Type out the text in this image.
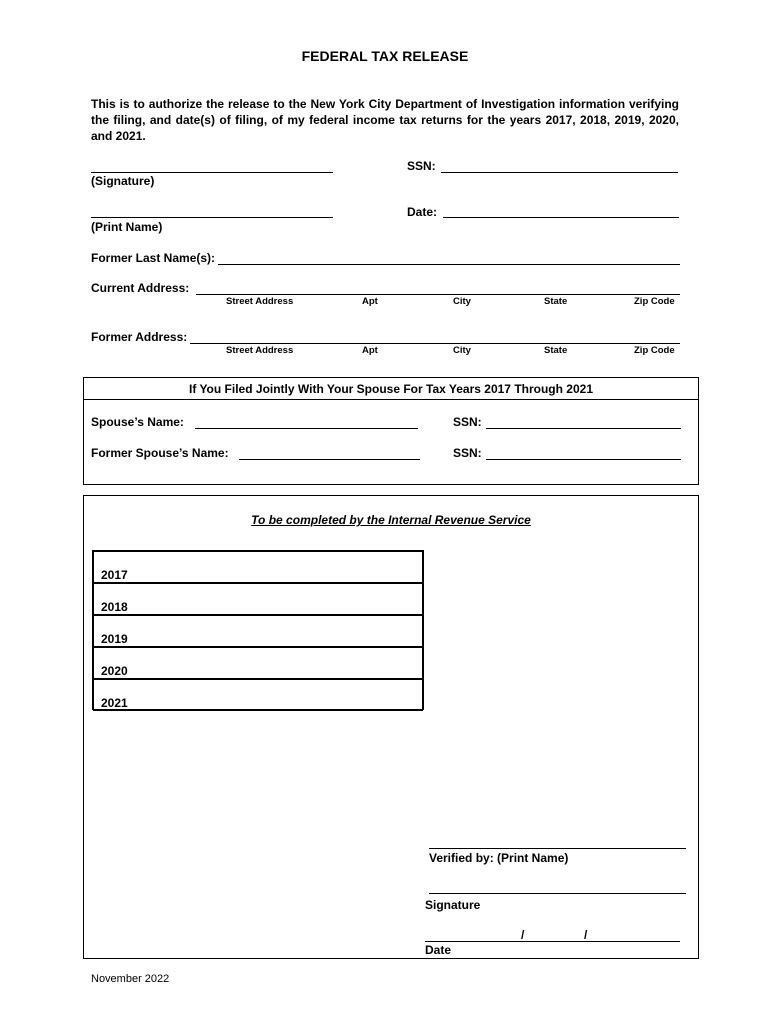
FEDERAL TAX RELEASE
This is to authorize the release to the New York City Department of Investigation information verifying the filing, and date(s) of filing, of my federal income tax returns for the years 2017, 2018, 2019, 2020, and 2021.
(Signature)
SSN:
(Print Name)
Date:
Former Last Name(s):
Current Address:
Street Address	Apt	City	State	Zip Code
Former Address:
Street Address	Apt	City	State	Zip Code
If You Filed Jointly With Your Spouse For Tax Years 2017 Through 2021
Spouse’s Name:	SSN:
Former Spouse’s Name:	SSN:
To be completed by the Internal Revenue Service
2017
2018
2019
2020
2021
Verified by: (Print Name)
Signature
/	/
Date
November 2022
